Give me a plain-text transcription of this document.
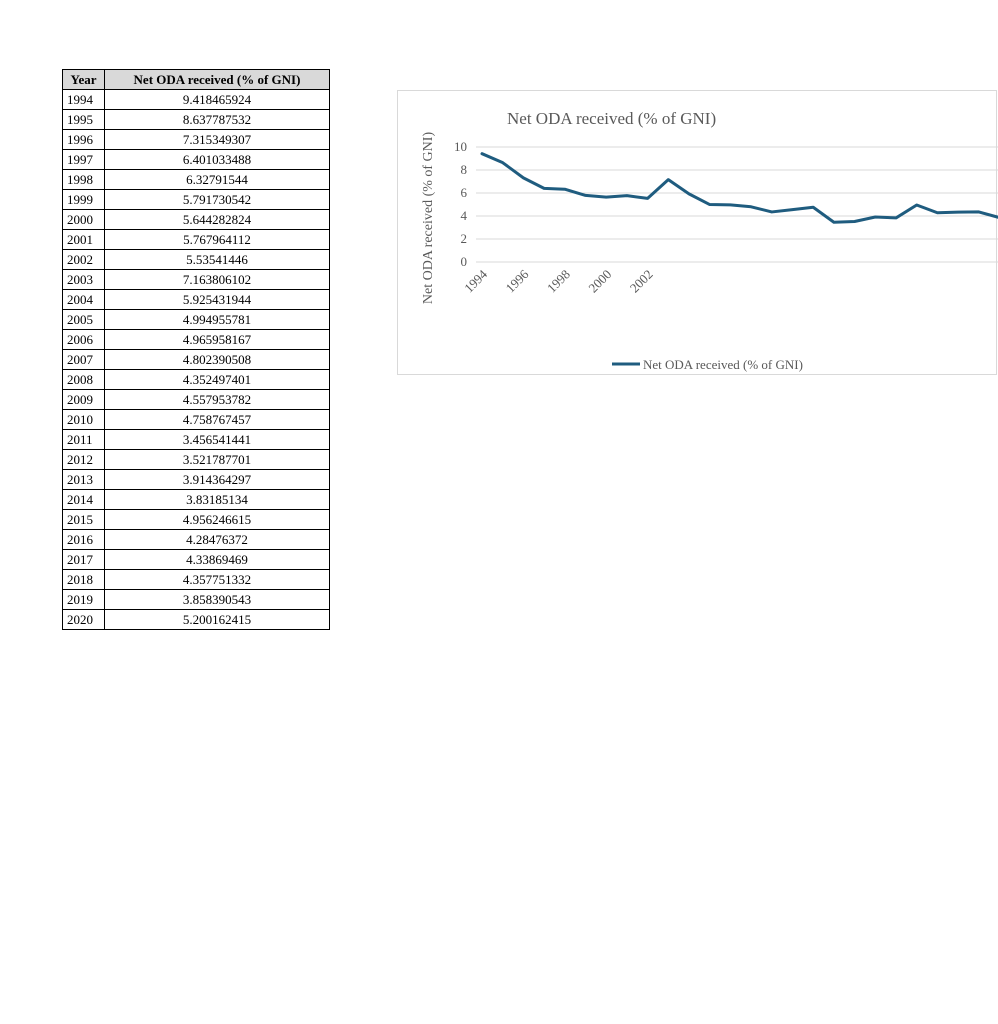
Year	Net ODA received (% of GNI)
1994	9.418465924
1995	8.637787532
1996	7.315349307
1997	6.401033488
1998	6.32791544
1999	5.791730542
2000	5.644282824
2001	5.767964112
2002	5.53541446
2003	7.163806102
2004	5.925431944
2005	4.994955781
2006	4.965958167
2007	4.802390508
2008	4.352497401
2009	4.557953782
2010	4.758767457
2011	3.456541441
2012	3.521787701
2013	3.914364297
2014	3.83185134
2015	4.956246615
2016	4.28476372
2017	4.33869469
2018	4.357751332
2019	3.858390543
2020	5.200162415
Net ODA received (% of GNI)
Net ODA received (% of GNI) 0
2
4
6
8
10
1994 1996 1998 2000 2002
Net ODA received (% of GNI)
